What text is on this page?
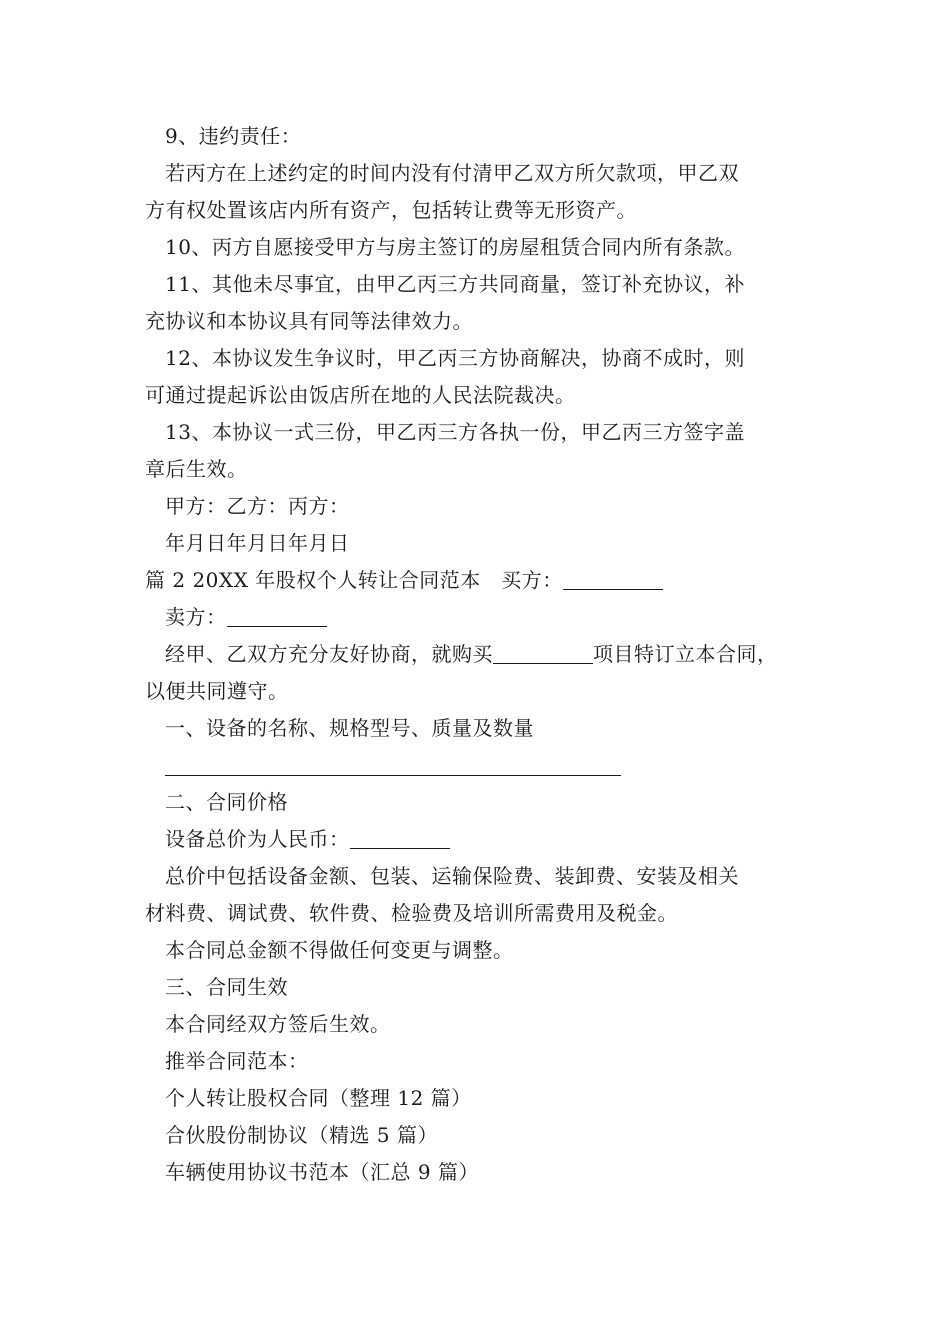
9、违约责任：
若丙方在上述约定的时间内没有付清甲乙双方所欠款项，甲乙双
方有权处置该店内所有资产，包括转让费等无形资产。
10、丙方自愿接受甲方与房主签订的房屋租赁合同内所有条款。
11、其他未尽事宜，由甲乙丙三方共同商量，签订补充协议，补
充协议和本协议具有同等法律效力。
12、本协议发生争议时，甲乙丙三方协商解决，协商不成时，则
可通过提起诉讼由饭店所在地的人民法院裁决。
13、本协议一式三份，甲乙丙三方各执一份，甲乙丙三方签字盖
章后生效。
甲方：乙方：丙方：
年月日年月日年月日
篇 2 20XX 年股权个人转让合同范本　买方：
卖方：
经甲、乙双方充分友好协商，就购买	项目特订立本合同，
以便共同遵守。
一、设备的名称、规格型号、质量及数量
二、合同价格
设备总价为人民币：
总价中包括设备金额、包装、运输保险费、装卸费、安装及相关
材料费、调试费、软件费、检验费及培训所需费用及税金。
本合同总金额不得做任何变更与调整。
三、合同生效
本合同经双方签后生效。
推举合同范本：
个人转让股权合同（整理 12 篇）
合伙股份制协议（精选 5 篇）
车辆使用协议书范本（汇总 9 篇）
